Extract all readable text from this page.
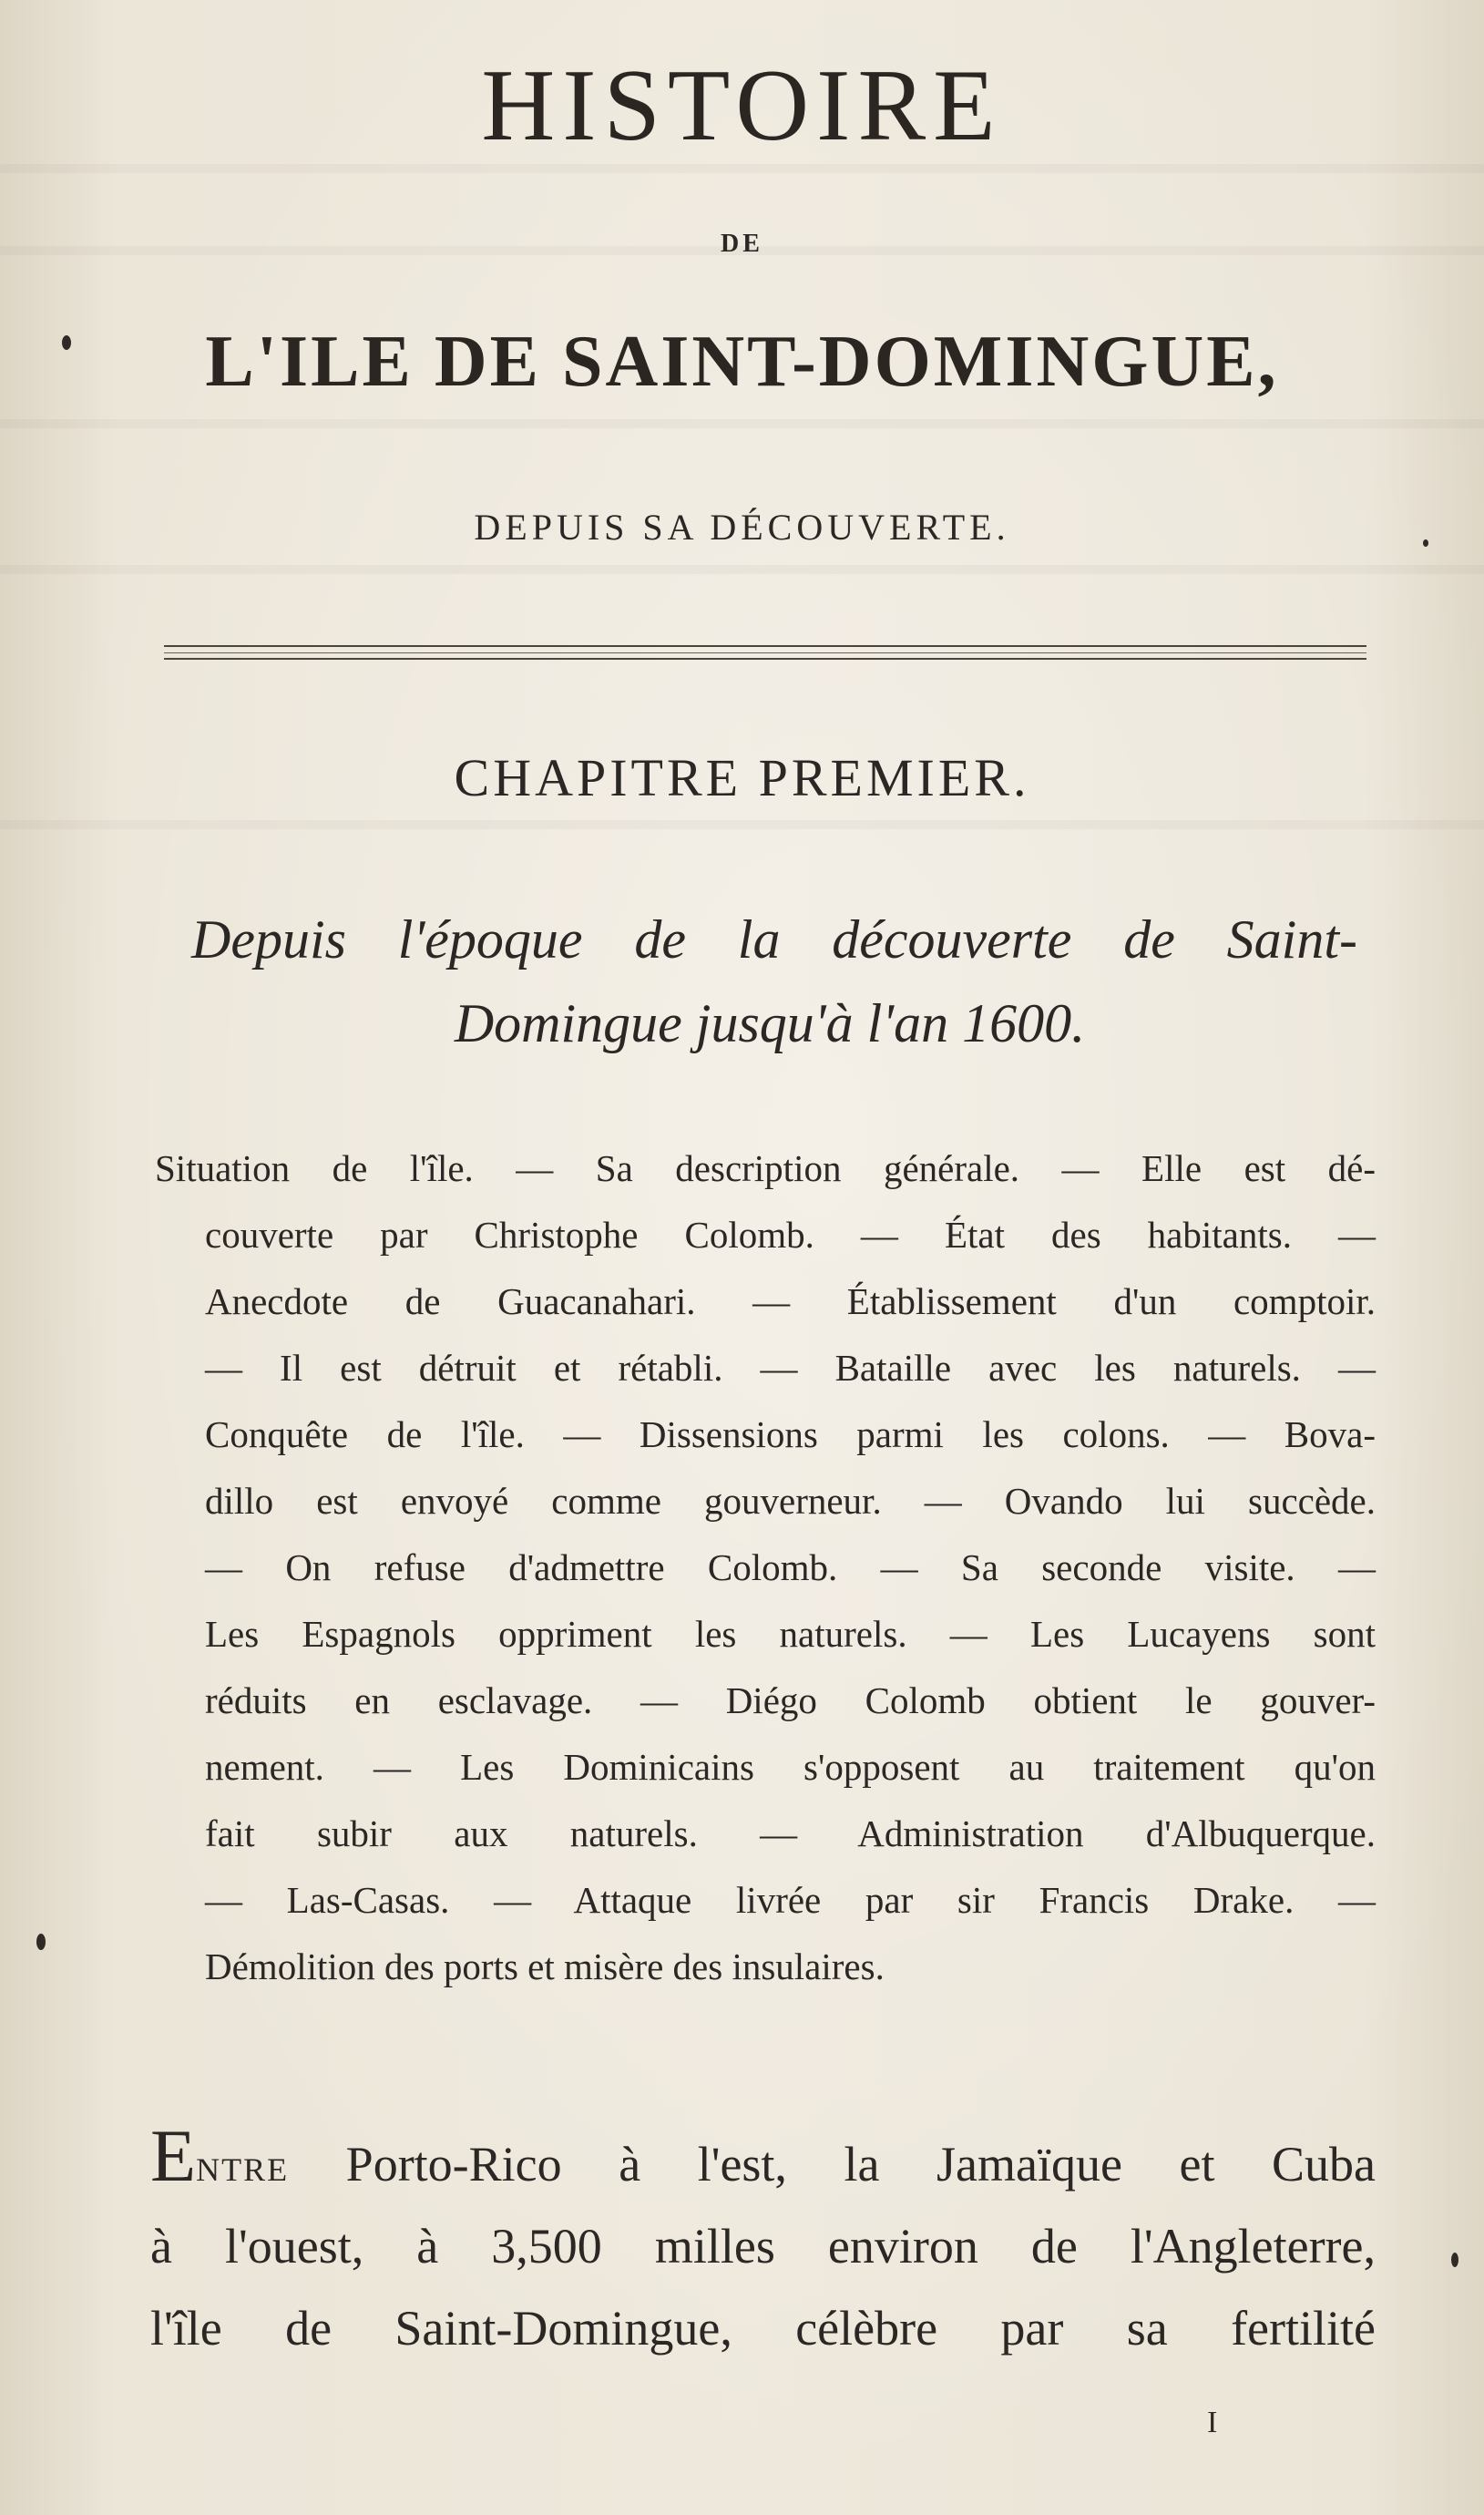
HISTOIRE
DE
L'ILE DE SAINT-DOMINGUE,
DEPUIS SA DÉCOUVERTE.
CHAPITRE PREMIER.
Depuis l'époque de la découverte de Saint-
Domingue jusqu'à l'an 1600.
Situation de l'île. — Sa description générale. — Elle est dé-
couverte par Christophe Colomb. — État des habitants. —
Anecdote de Guacanahari. — Établissement d'un comptoir.
— Il est détruit et rétabli. — Bataille avec les naturels. —
Conquête de l'île. — Dissensions parmi les colons. — Bova-
dillo est envoyé comme gouverneur. — Ovando lui succède.
— On refuse d'admettre Colomb. — Sa seconde visite. —
Les Espagnols oppriment les naturels. — Les Lucayens sont
réduits en esclavage. — Diégo Colomb obtient le gouver-
nement. — Les Dominicains s'opposent au traitement qu'on
fait subir aux naturels. — Administration d'Albuquerque.
— Las-Casas. — Attaque livrée par sir Francis Drake. —
Démolition des ports et misère des insulaires.
ENTRE Porto-Rico à l'est, la Jamaïque et Cuba
à l'ouest, à 3,500 milles environ de l'Angleterre,
l'île de Saint-Domingue, célèbre par sa fertilité
I
